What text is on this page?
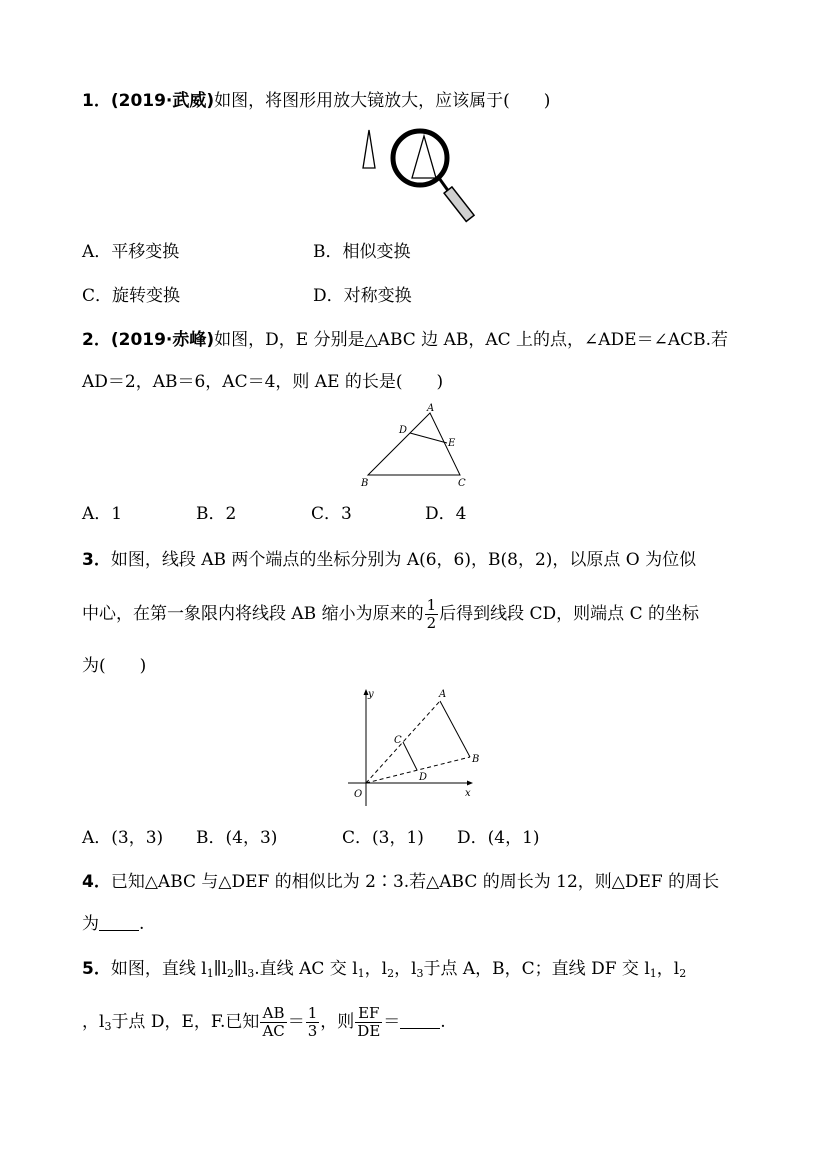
1．(2019·武威)如图，将图形用放大镜放大，应该属于(　　)
A．平移变换	B．相似变换
C．旋转变换	D．对称变换
2．(2019·赤峰)如图，D，E 分别是△ABC 边 AB，AC 上的点，∠ADE＝∠ACB.若
AD＝2，AB＝6，AC＝4，则 AE 的长是(　　)
A
D
E
B	C
A．1	B．2	C．3	D．4
3．如图，线段 AB 两个端点的坐标分别为 A(6，6)，B(8，2)，以原点 O 为位似
中心，在第一象限内将线段 AB 缩小为原来的 $\frac{1}{2}$ 后得到线段 CD，则端点 C 的坐标
为(　　)
y	A
C
B
D
O	x
A．(3，3) B．(4，3)	C．(3，1) D．(4，1)
4．已知△ABC 与△DEF 的相似比为 2∶3.若△ABC 的周长为 12，则△DEF 的周长
为 .
5．如图，直线 $l_1\parallel l_2\parallel l_3$.直线 AC 交 $l_1$，$l_2$，$l_3$于点 A，B，C；直线 DF 交 $l_1$，$l_2$
，$l_3$于点 D，E，F.已知 $\frac{AB}{AC} = \frac{1}{3}$ ，则 $\frac{EF}{DE}$ ＝ .
